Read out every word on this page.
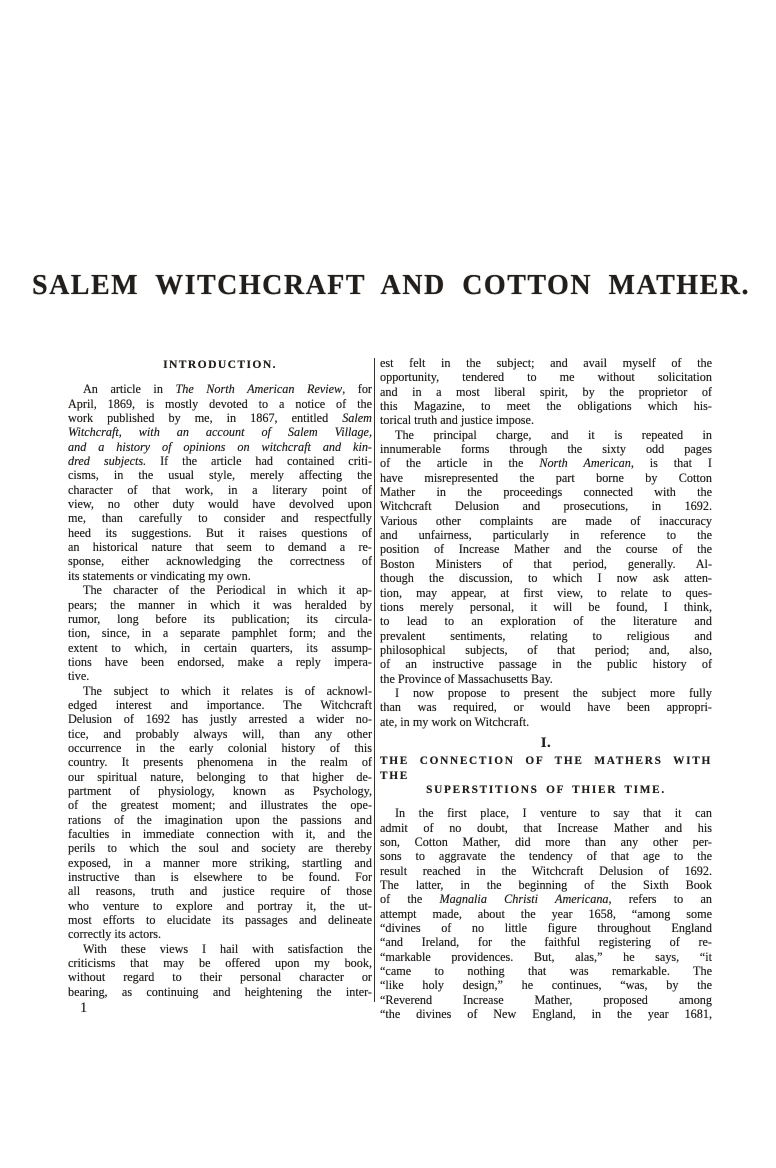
SALEM WITCHCRAFT AND COTTON MATHER.
INTRODUCTION.
An article in The North American Review, for
April, 1869, is mostly devoted to a notice of the
work published by me, in 1867, entitled Salem
Witchcraft, with an account of Salem Village,
and a history of opinions on witchcraft and kin-
dred subjects. If the article had contained criti-
cisms, in the usual style, merely affecting the
character of that work, in a literary point of
view, no other duty would have devolved upon
me, than carefully to consider and respectfully
heed its suggestions. But it raises questions of
an historical nature that seem to demand a re-
sponse, either acknowledging the correctness of
its statements or vindicating my own.
The character of the Periodical in which it ap-
pears; the manner in which it was heralded by
rumor, long before its publication; its circula-
tion, since, in a separate pamphlet form; and the
extent to which, in certain quarters, its assump-
tions have been endorsed, make a reply impera-
tive.
The subject to which it relates is of acknowl-
edged interest and importance. The Witchcraft
Delusion of 1692 has justly arrested a wider no-
tice, and probably always will, than any other
occurrence in the early colonial history of this
country. It presents phenomena in the realm of
our spiritual nature, belonging to that higher de-
partment of physiology, known as Psychology,
of the greatest moment; and illustrates the ope-
rations of the imagination upon the passions and
faculties in immediate connection with it, and the
perils to which the soul and society are thereby
exposed, in a manner more striking, startling and
instructive than is elsewhere to be found. For
all reasons, truth and justice require of those
who venture to explore and portray it, the ut-
most efforts to elucidate its passages and delineate
correctly its actors.
With these views I hail with satisfaction the
criticisms that may be offered upon my book,
without regard to their personal character or
bearing, as continuing and heightening the inter-
est felt in the subject; and avail myself of the
opportunity, tendered to me without solicitation
and in a most liberal spirit, by the proprietor of
this Magazine, to meet the obligations which his-
torical truth and justice impose.
The principal charge, and it is repeated in
innumerable forms through the sixty odd pages
of the article in the North American, is that I
have misrepresented the part borne by Cotton
Mather in the proceedings connected with the
Witchcraft Delusion and prosecutions, in 1692.
Various other complaints are made of inaccuracy
and unfairness, particularly in reference to the
position of Increase Mather and the course of the
Boston Ministers of that period, generally. Al-
though the discussion, to which I now ask atten-
tion, may appear, at first view, to relate to ques-
tions merely personal, it will be found, I think,
to lead to an exploration of the literature and
prevalent sentiments, relating to religious and
philosophical subjects, of that period; and, also,
of an instructive passage in the public history of
the Province of Massachusetts Bay.
I now propose to present the subject more fully
than was required, or would have been appropri-
ate, in my work on Witchcraft.
I.
THE CONNECTION OF THE MATHERS WITH THE
SUPERSTITIONS OF THIER TIME.
In the first place, I venture to say that it can
admit of no doubt, that Increase Mather and his
son, Cotton Mather, did more than any other per-
sons to aggravate the tendency of that age to the
result reached in the Witchcraft Delusion of 1692.
The latter, in the beginning of the Sixth Book
of the Magnalia Christi Americana, refers to an
attempt made, about the year 1658, “among some
“divines of no little figure throughout England
“and Ireland, for the faithful registering of re-
“markable providences. But, alas,” he says, “it
“came to nothing that was remarkable. The
“like holy design,” he continues, “was, by the
“Reverend Increase Mather, proposed among
“the divines of New England, in the year 1681,
1
